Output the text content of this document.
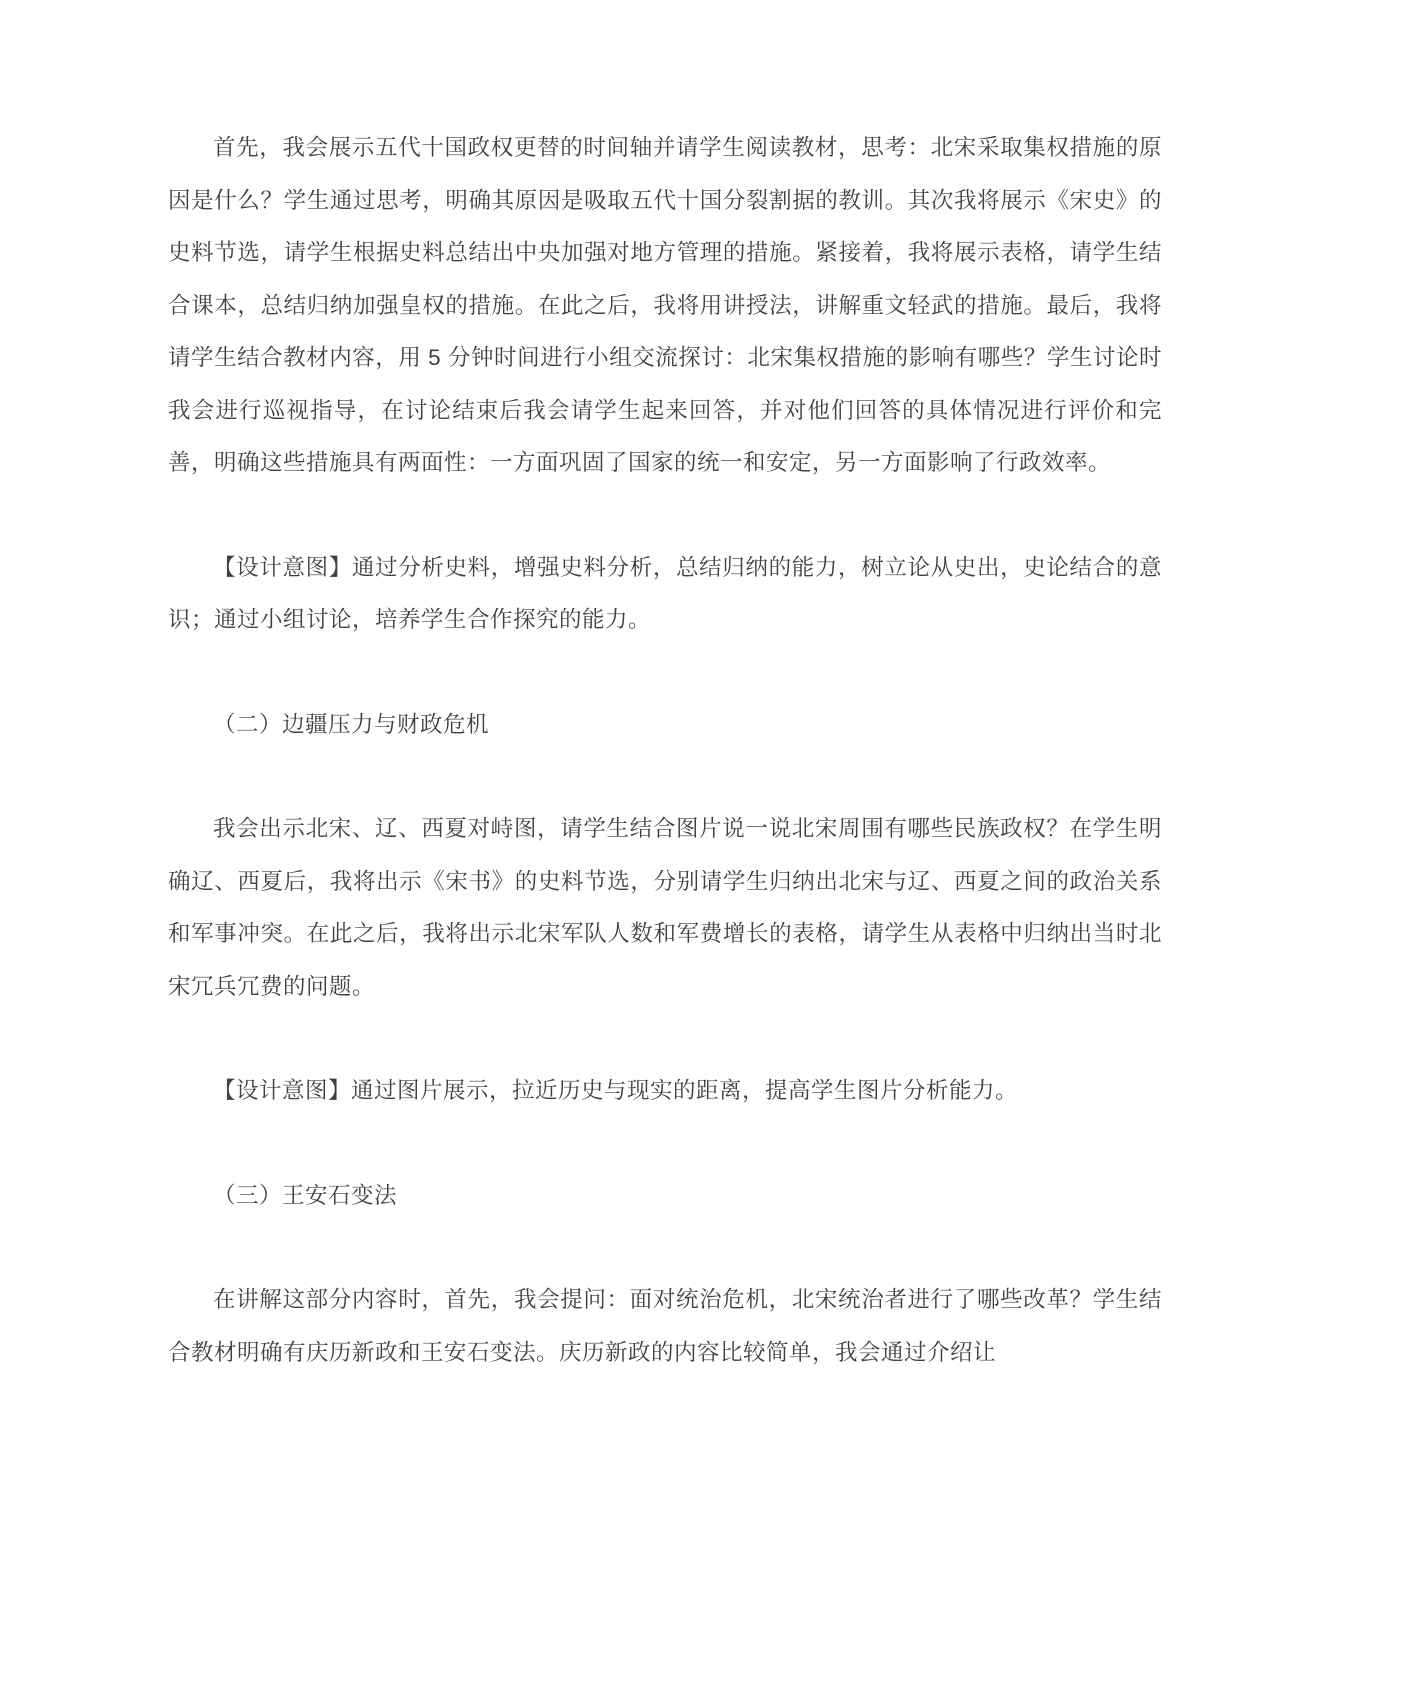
首先，我会展示五代十国政权更替的时间轴并请学生阅读教材，思考：北宋采取集权措施的原因是什么？学生通过思考，明确其原因是吸取五代十国分裂割据的教训。其次我将展示《宋史》的史料节选，请学生根据史料总结出中央加强对地方管理的措施。紧接着，我将展示表格，请学生结合课本，总结归纳加强皇权的措施。在此之后，我将用讲授法，讲解重文轻武的措施。最后，我将请学生结合教材内容，用 5 分钟时间进行小组交流探讨：北宋集权措施的影响有哪些？学生讨论时我会进行巡视指导，在讨论结束后我会请学生起来回答，并对他们回答的具体情况进行评价和完善，明确这些措施具有两面性：一方面巩固了国家的统一和安定，另一方面影响了行政效率。

【设计意图】通过分析史料，增强史料分析，总结归纳的能力，树立论从史出，史论结合的意识；通过小组讨论，培养学生合作探究的能力。

（二）边疆压力与财政危机

我会出示北宋、辽、西夏对峙图，请学生结合图片说一说北宋周围有哪些民族政权？在学生明确辽、西夏后，我将出示《宋书》的史料节选，分别请学生归纳出北宋与辽、西夏之间的政治关系和军事冲突。在此之后，我将出示北宋军队人数和军费增长的表格，请学生从表格中归纳出当时北宋冗兵冗费的问题。

【设计意图】通过图片展示，拉近历史与现实的距离，提高学生图片分析能力。

（三）王安石变法

在讲解这部分内容时，首先，我会提问：面对统治危机，北宋统治者进行了哪些改革？学生结合教材明确有庆历新政和王安石变法。庆历新政的内容比较简单，我会通过介绍让
